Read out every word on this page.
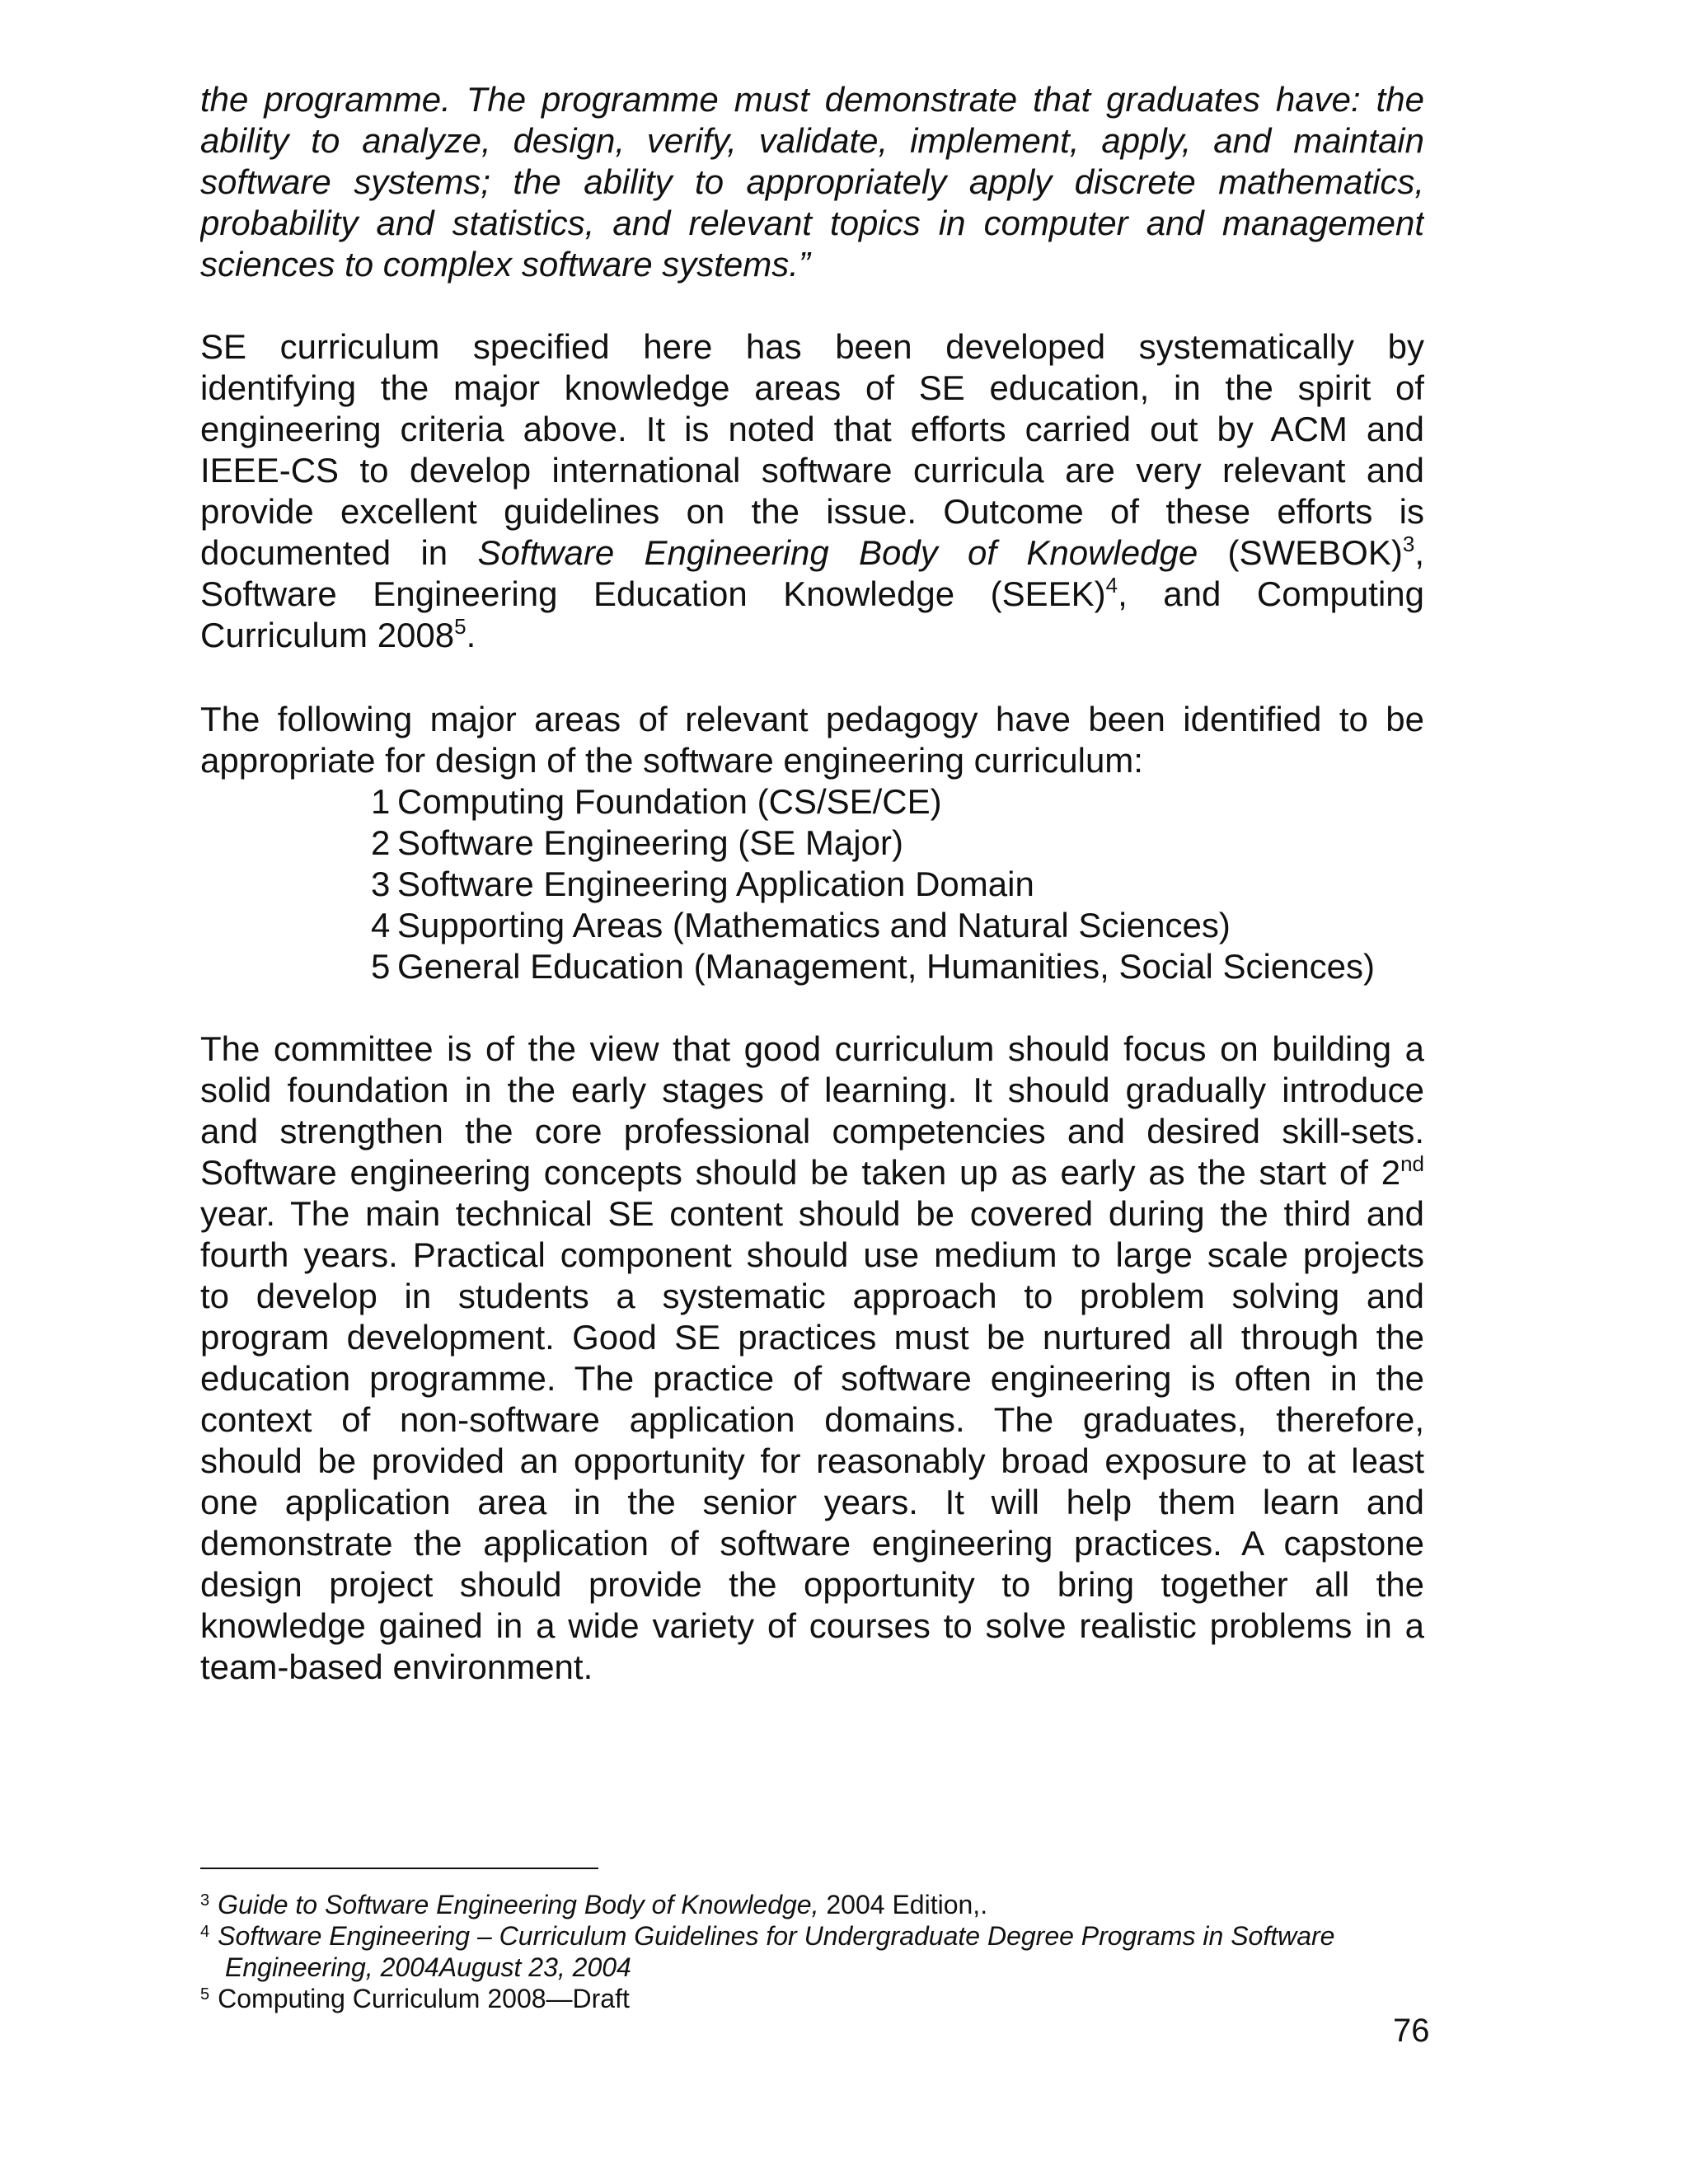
the programme. The programme must demonstrate that graduates have: the
ability to analyze, design, verify, validate, implement, apply, and maintain
software systems; the ability to appropriately apply discrete mathematics,
probability and statistics, and relevant topics in computer and management
sciences to complex software systems.”
SE curriculum specified here has been developed systematically by
identifying the major knowledge areas of SE education, in the spirit of
engineering criteria above. It is noted that efforts carried out by ACM and
IEEE-CS to develop international software curricula are very relevant and
provide excellent guidelines on the issue. Outcome of these efforts is
documented in Software Engineering Body of Knowledge (SWEBOK)$^3$,
Software Engineering Education Knowledge (SEEK)$^4$, and Computing
Curriculum 2008$^5$.
The following major areas of relevant pedagogy have been identified to be
appropriate for design of the software engineering curriculum:
1 Computing Foundation (CS/SE/CE)
2 Software Engineering (SE Major)
3 Software Engineering Application Domain
4 Supporting Areas (Mathematics and Natural Sciences)
5 General Education (Management, Humanities, Social Sciences)
The committee is of the view that good curriculum should focus on building a
solid foundation in the early stages of learning. It should gradually introduce
and strengthen the core professional competencies and desired skill-sets.
Software engineering concepts should be taken up as early as the start of 2nd
year. The main technical SE content should be covered during the third and
fourth years. Practical component should use medium to large scale projects
to develop in students a systematic approach to problem solving and
program development. Good SE practices must be nurtured all through the
education programme. The practice of software engineering is often in the
context of non-software application domains. The graduates, therefore,
should be provided an opportunity for reasonably broad exposure to at least
one application area in the senior years. It will help them learn and
demonstrate the application of software engineering practices. A capstone
design project should provide the opportunity to bring together all the
knowledge gained in a wide variety of courses to solve realistic problems in a
team-based environment.
$^3$ Guide to Software Engineering Body of Knowledge, 2004 Edition,.
$^4$ Software Engineering – Curriculum Guidelines for Undergraduate Degree Programs in Software
Engineering, 2004August 23, 2004
$^5$ Computing Curriculum 2008—Draft
76
